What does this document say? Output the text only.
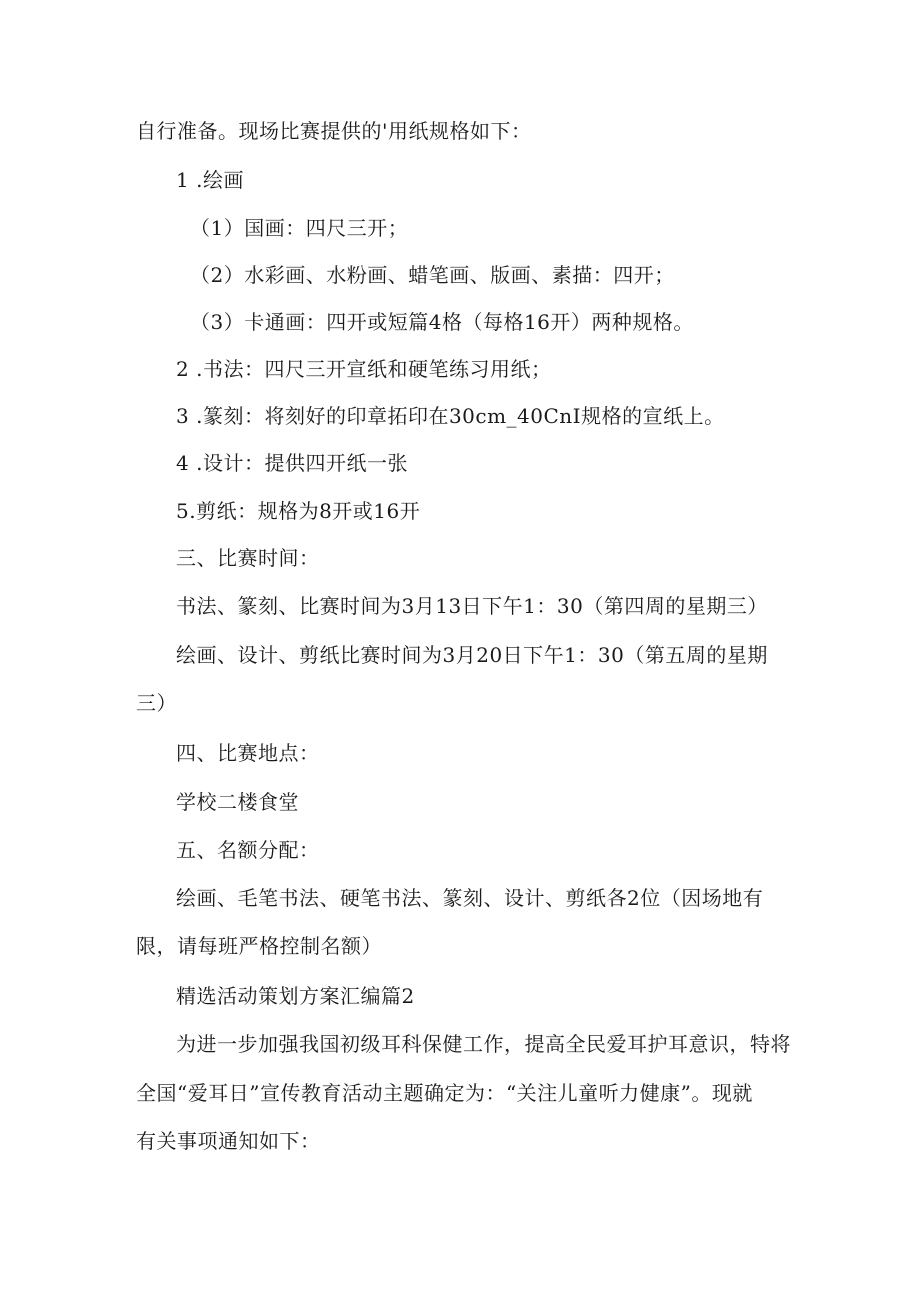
自行准备。现场比赛提供的'用纸规格如下：
1 .绘画
（1）国画：四尺三开；
（2）水彩画、水粉画、蜡笔画、版画、素描：四开；
（3）卡通画：四开或短篇4格（每格16开）两种规格。
2 .书法：四尺三开宣纸和硬笔练习用纸；
3 .篆刻：将刻好的印章拓印在30cm_40CnI规格的宣纸上。
4 .设计：提供四开纸一张
5.剪纸：规格为8开或16开
三、比赛时间：
书法、篆刻、比赛时间为3月13日下午1：30（第四周的星期三）
绘画、设计、剪纸比赛时间为3月20日下午1：30（第五周的星期
三）
四、比赛地点：
学校二楼食堂
五、名额分配：
绘画、毛笔书法、硬笔书法、篆刻、设计、剪纸各2位（因场地有
限，请每班严格控制名额）
精选活动策划方案汇编篇2
为进一步加强我国初级耳科保健工作，提高全民爱耳护耳意识，特将
全国“爱耳日”宣传教育活动主题确定为：“关注儿童听力健康”。现就
有关事项通知如下：
